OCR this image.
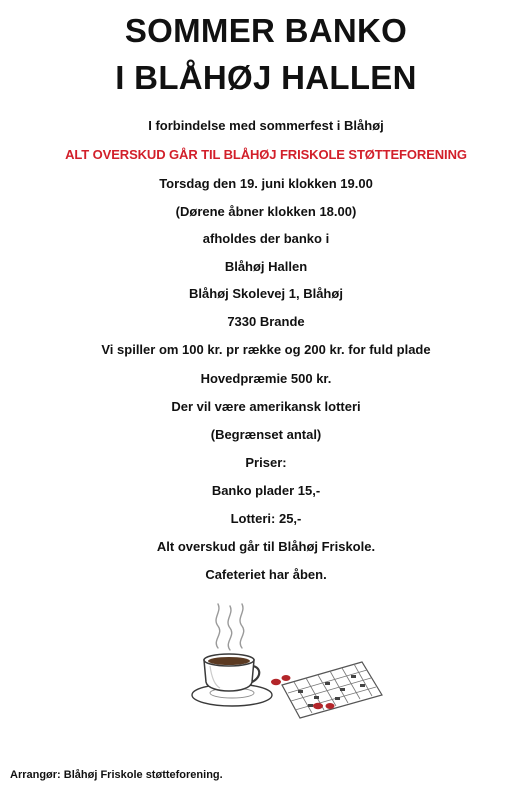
SOMMER BANKO
I BLÅHØJ HALLEN
I forbindelse med sommerfest i Blåhøj
ALT OVERSKUD GÅR TIL BLÅHØJ FRISKOLE STØTTEFORENING
Torsdag den 19. juni klokken 19.00
(Dørene åbner klokken 18.00)
afholdes der banko i
Blåhøj Hallen
Blåhøj Skolevej 1, Blåhøj
7330 Brande
Vi spiller om 100 kr. pr række og 200 kr. for fuld plade
Hovedpræmie 500 kr.
Der vil være amerikansk lotteri
(Begrænset antal)
Priser:
Banko plader 15,-
Lotteri: 25,-
Alt overskud går til Blåhøj Friskole.
Cafeteriet har åben.
Arrangør: Blåhøj Friskole støtteforening.
